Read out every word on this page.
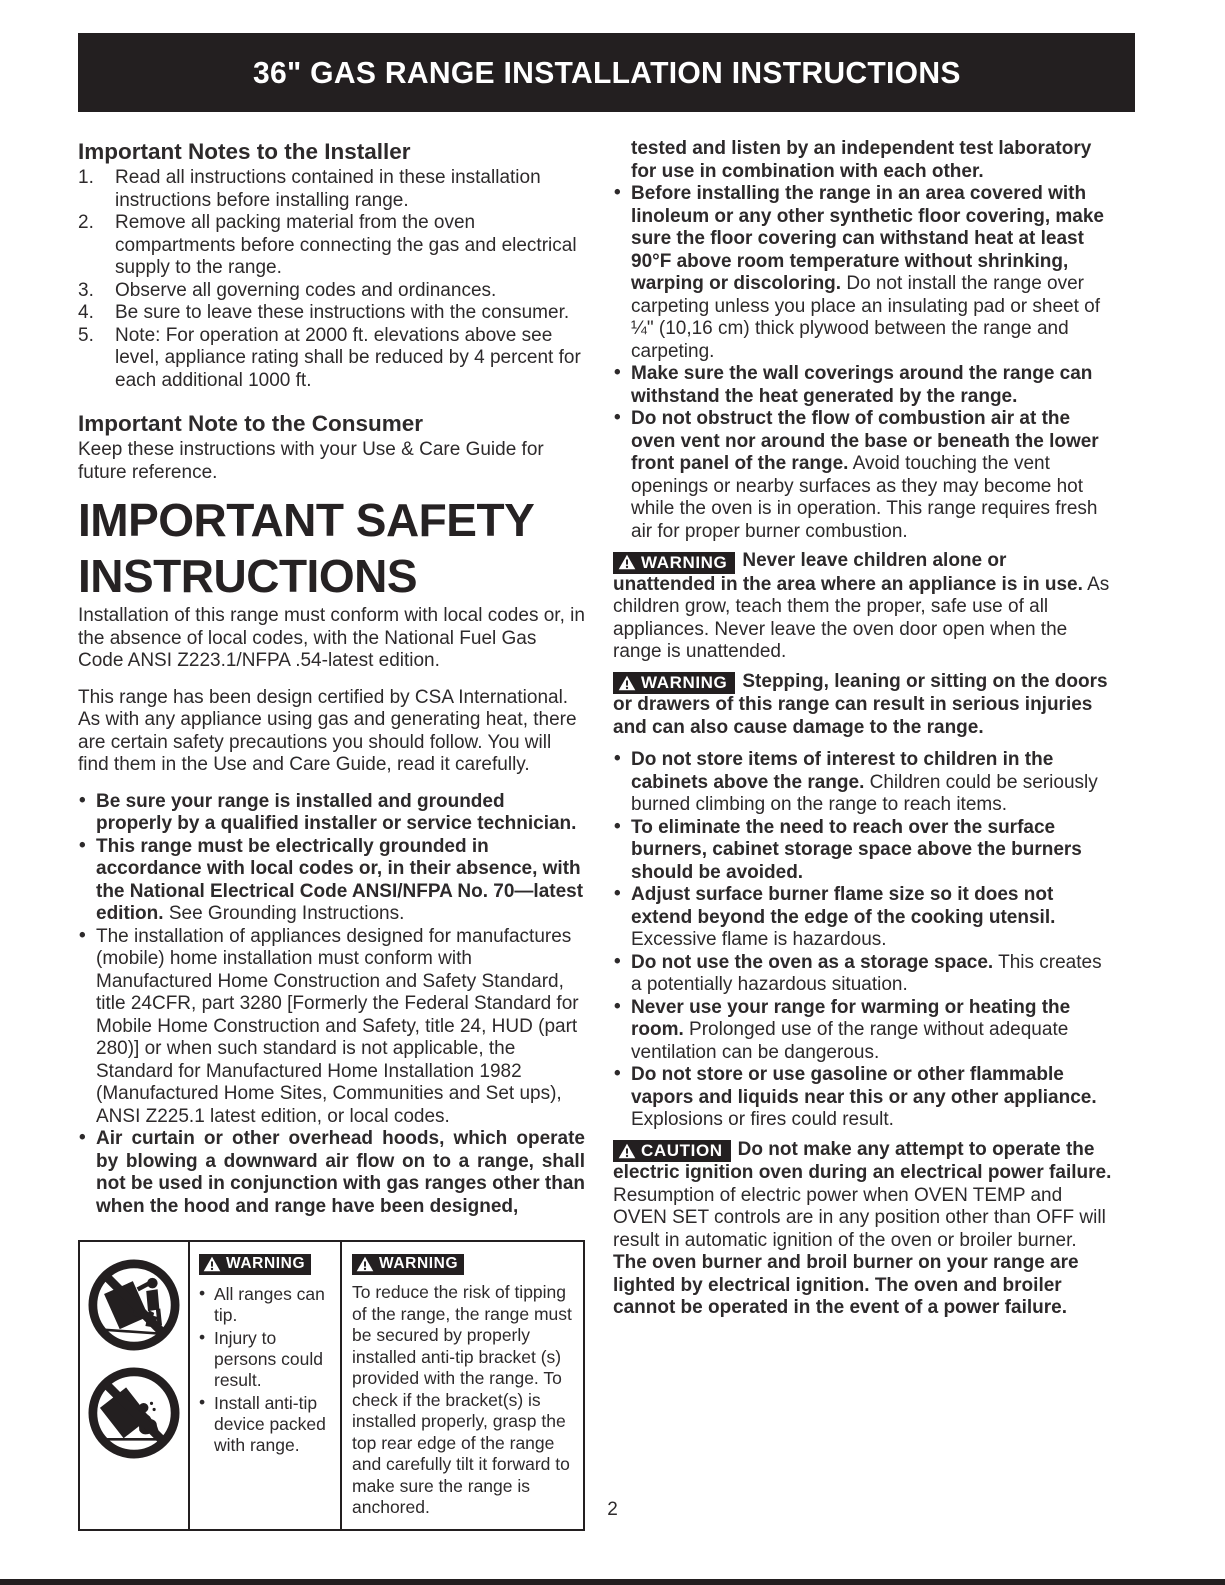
36" GAS RANGE INSTALLATION INSTRUCTIONS
Important Notes to the Installer
1.	Read all instructions contained in these installation instructions before installing range.
2.	Remove all packing material from the oven compartments before connecting the gas and electrical supply to the range.
3.	Observe all governing codes and ordinances.
4.	Be sure to leave these instructions with the consumer.
5.	Note: For operation at 2000 ft. elevations above see level, appliance rating shall be reduced by 4 percent for each additional 1000 ft.
Important Note to the Consumer

Keep these instructions with your Use & Care Guide for future reference.

IMPORTANT SAFETY
INSTRUCTIONS

Installation of this range must conform with local codes or, in the absence of local codes, with the National Fuel Gas Code ANSI Z223.1/NFPA .54-latest edition.

This range has been design certified by CSA International. As with any appliance using gas and generating heat, there are certain safety precautions you should follow. You will find them in the Use and Care Guide, read it carefully.

• Be sure your range is installed and grounded properly by a qualified installer or service technician.
• This range must be electrically grounded in accordance with local codes or, in their absence, with the National Electrical Code ANSI/NFPA No. 70—latest edition. See Grounding Instructions.
• The installation of appliances designed for manufactures (mobile) home installation must conform with Manufactured Home Construction and Safety Standard, title 24CFR, part 3280 [Formerly the Federal Standard for Mobile Home Construction and Safety, title 24, HUD (part 280)] or when such standard is not applicable, the Standard for Manufactured Home Installation 1982 (Manufactured Home Sites, Communities and Set ups), ANSI Z225.1 latest edition, or local codes.
• Air curtain or other overhead hoods, which operate by blowing a downward air flow on to a range, shall not be used in conjunction with gas ranges other than when the hood and range have been designed,
WARNING
• All ranges can tip.
• Injury to persons could result.
• Install anti-tip device packed with range.
WARNING
To reduce the risk of tipping of the range, the range must be secured by properly installed anti-tip bracket (s) provided with the range. To check if the bracket(s) is installed properly, grasp the top rear edge of the range and carefully tilt it forward to make sure the range is anchored.

tested and listen by an independent test laboratory for use in combination with each other.

• Before installing the range in an area covered with linoleum or any other synthetic floor covering, make sure the floor covering can withstand heat at least 90°F above room temperature without shrinking, warping or discoloring. Do not install the range over carpeting unless you place an insulating pad or sheet of ¼" (10,16 cm) thick plywood between the range and carpeting.
• Make sure the wall coverings around the range can withstand the heat generated by the range.
• Do not obstruct the flow of combustion air at the oven vent nor around the base or beneath the lower front panel of the range. Avoid touching the vent openings or nearby surfaces as they may become hot while the oven is in operation. This range requires fresh air for proper burner combustion.

WARNING Never leave children alone or unattended in the area where an appliance is in use. As children grow, teach them the proper, safe use of all appliances. Never leave the oven door open when the range is unattended.

WARNING Stepping, leaning or sitting on the doors or drawers of this range can result in serious injuries and can also cause damage to the range.

• Do not store items of interest to children in the cabinets above the range. Children could be seriously burned climbing on the range to reach items.
• To eliminate the need to reach over the surface burners, cabinet storage space above the burners should be avoided.
• Adjust surface burner flame size so it does not extend beyond the edge of the cooking utensil. Excessive flame is hazardous.
• Do not use the oven as a storage space. This creates a potentially hazardous situation.
• Never use your range for warming or heating the room. Prolonged use of the range without adequate ventilation can be dangerous.
• Do not store or use gasoline or other flammable vapors and liquids near this or any other appliance. Explosions or fires could result.

CAUTION Do not make any attempt to operate the electric ignition oven during an electrical power failure. Resumption of electric power when OVEN TEMP and OVEN SET controls are in any position other than OFF will result in automatic ignition of the oven or broiler burner. The oven burner and broil burner on your range are lighted by electrical ignition. The oven and broiler cannot be operated in the event of a power failure.

2
